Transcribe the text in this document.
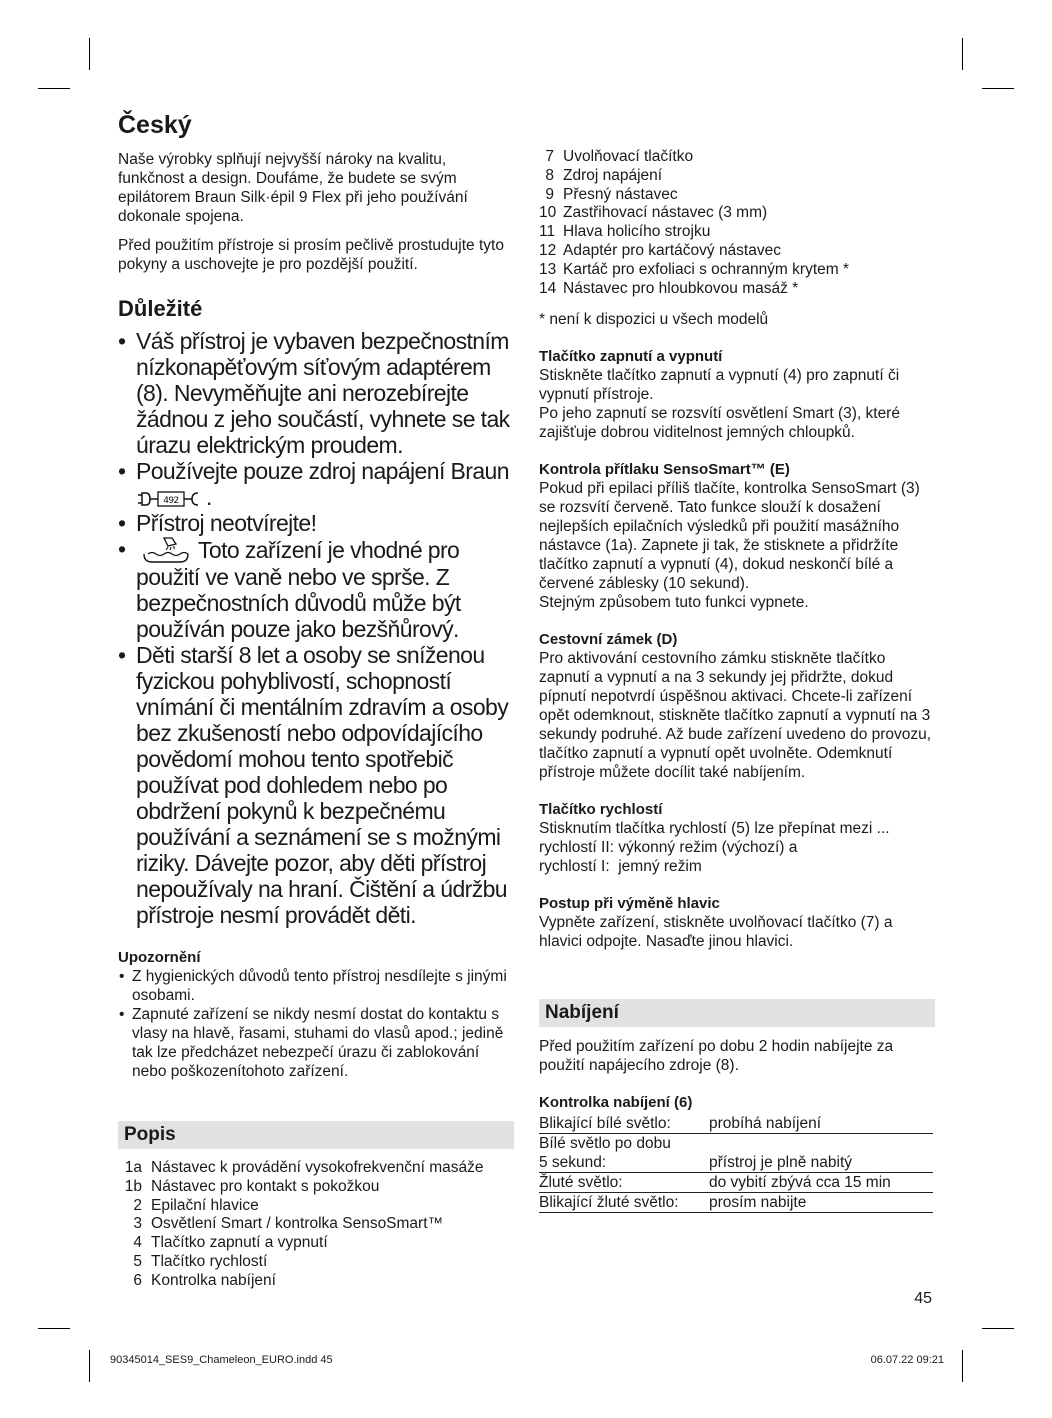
Český

Naše výrobky splňují nejvyšší nároky na kvalitu, funkčnost a design. Doufáme, že budete se svým epilátorem Braun Silk·épil 9 Flex při jeho používání dokonale spojena.

Před použitím přístroje si prosím pečlivě prostudujte tyto pokyny a uschovejte je pro pozdější použití.

Důležité
• Váš přístroj je vybaven bezpečnostním nízkonapěťovým síťovým adaptérem (8). Nevyměňujte ani nerozebírejte žádnou z jeho součástí, vyhnete se tak úrazu elektrickým proudem.
• Používejte pouze zdroj napájení Braun

492 .
• Přístroj neotvírejte!
• Toto zařízení je vhodné pro použití ve vaně nebo ve sprše. Z bezpečnostních důvodů může být používán pouze jako bezšňůrový.
• Děti starší 8 let a osoby se sníženou fyzickou pohyblivostí, schopností vnímání či mentálním zdravím a osoby bez zkušeností nebo odpovídajícího povědomí mohou tento spotřebič používat pod dohledem nebo po obdržení pokynů k bezpečnému používání a seznámení se s možnými riziky. Dávejte pozor, aby děti přístroj nepoužívaly na hraní. Čištění a údržbu přístroje nesmí provádět děti.
Upozornění
• Z hygienických důvodů tento přístroj nesdílejte s jinými osobami.
• Zapnuté zařízení se nikdy nesmí dostat do kontaktu s vlasy na hlavě, řasami, stuhami do vlasů apod.; jedině tak lze předcházet nebezpečí úrazu či zablokování nebo poškozenítohoto zařízení.
Popis
1a Nástavec k provádění vysokofrekvenční masáže
1b Nástavec pro kontakt s pokožkou
2 Epilační hlavice
3 Osvětlení Smart / kontrolka SensoSmart™
4 Tlačítko zapnutí a vypnutí
5 Tlačítko rychlostí
6 Kontrolka nabíjení
7 Uvolňovací tlačítko
8 Zdroj napájení
9 Přesný nástavec
10 Zastřihovací nástavec (3 mm)
11 Hlava holicího strojku
12 Adaptér pro kartáčový nástavec
13 Kartáč pro exfoliaci s ochranným krytem *
14 Nástavec pro hloubkovou masáž *

* není k dispozici u všech modelů

Tlačítko zapnutí a vypnutí

Stiskněte tlačítko zapnutí a vypnutí (4) pro zapnutí či vypnutí přístroje.

Po jeho zapnutí se rozsvítí osvětlení Smart (3), které zajišťuje dobrou viditelnost jemných chloupků.

Kontrola přítlaku SensoSmart™ (E)

Pokud při epilaci příliš tlačíte, kontrolka SensoSmart (3) se rozsvítí červeně. Tato funkce slouží k dosažení nejlepších epilačních výsledků při použití masážního nástavce (1a). Zapnete ji tak, že stisknete a přidržíte tlačítko zapnutí a vypnutí (4), dokud neskončí bílé a červené záblesky (10 sekund).

Stejným způsobem tuto funkci vypnete.

Cestovní zámek (D)

Pro aktivování cestovního zámku stiskněte tlačítko zapnutí a vypnutí a na 3 sekundy jej přidržte, dokud pípnutí nepotvrdí úspěšnou aktivaci. Chcete-li zařízení opět odemknout, stiskněte tlačítko zapnutí a vypnutí na 3 sekundy podruhé. Až bude zařízení uvedeno do provozu, tlačítko zapnutí a vypnutí opět uvolněte. Odemknutí přístroje můžete docílit také nabíjením.

Tlačítko rychlostí

Stisknutím tlačítka rychlostí (5) lze přepínat mezi ...

rychlostí II: výkonný režim (výchozí) a

rychlostí I:  jemný režim

Postup při výměně hlavic

Vypněte zařízení, stiskněte uvolňovací tlačítko (7) a hlavici odpojte. Nasaďte jinou hlavici.

Nabíjení

Před použitím zařízení po dobu 2 hodin nabíjejte za použití napájecího zdroje (8).

Kontrolka nabíjení (6)
Blikající bílé světlo:	probíhá nabíjení
Bílé světlo po dobu	
5 sekund:	přístroj je plně nabitý
Žluté světlo:	do vybití zbývá cca 15 min
Blikající žluté světlo:	prosím nabijte
45
90345014_SES9_Chameleon_EURO.indd 45	06.07.22 09:21
